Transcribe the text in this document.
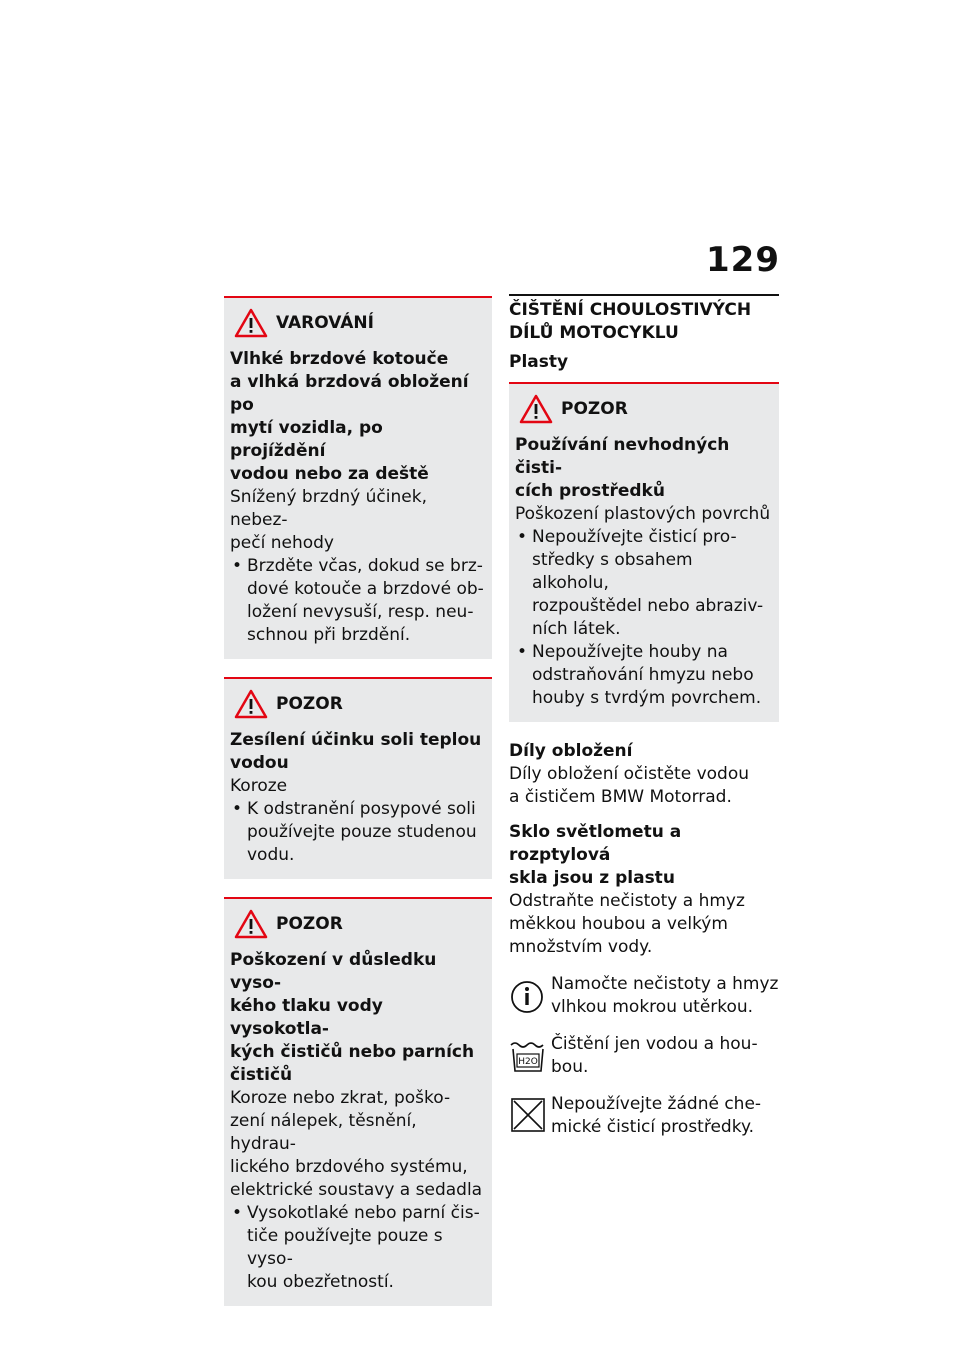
129
VAROVÁNÍ
Vlhké brzdové kotouče
a vlhká brzdová obložení po
mytí vozidla, po projíždění
vodou nebo za deště
Snížený brzdný účinek, nebez-
pečí nehody
• Brzděte včas, dokud se brz-
dové kotouče a brzdové ob-
ložení nevysuší, resp. neu-
schnou při brzdění.
POZOR
Zesílení účinku soli teplou
vodou
Koroze
• K odstranění posypové soli
používejte pouze studenou
vodu.
POZOR
Poškození v důsledku vyso-
kého tlaku vody vysokotla-
kých čističů nebo parních
čističů
Koroze nebo zkrat, poško-
zení nálepek, těsnění, hydrau-
lického brzdového systému,
elektrické soustavy a sedadla
• Vysokotlaké nebo parní čis-
tiče používejte pouze s vyso-
kou obezřetností.
ČIŠTĚNÍ CHOULOSTIVÝCH
DÍLŮ MOTOCYKLU
Plasty
POZOR
Používání nevhodných čisti-
cích prostředků
Poškození plastových povrchů
• Nepoužívejte čisticí pro-
středky s obsahem alkoholu,
rozpouštědel nebo abraziv-
ních látek.
• Nepoužívejte houby na
odstraňování hmyzu nebo
houby s tvrdým povrchem.
Díly obložení
Díly obložení očistěte vodou
a čističem BMW Motorrad.
Sklo světlometu a rozptylová
skla jsou z plastu
Odstraňte nečistoty a hmyz
měkkou houbou a velkým
množstvím vody.
Namočte nečistoty a hmyz
vlhkou mokrou utěrkou.
H2O
Čištění jen vodou a hou-
bou.
Nepoužívejte žádné che-
mické čisticí prostředky.
